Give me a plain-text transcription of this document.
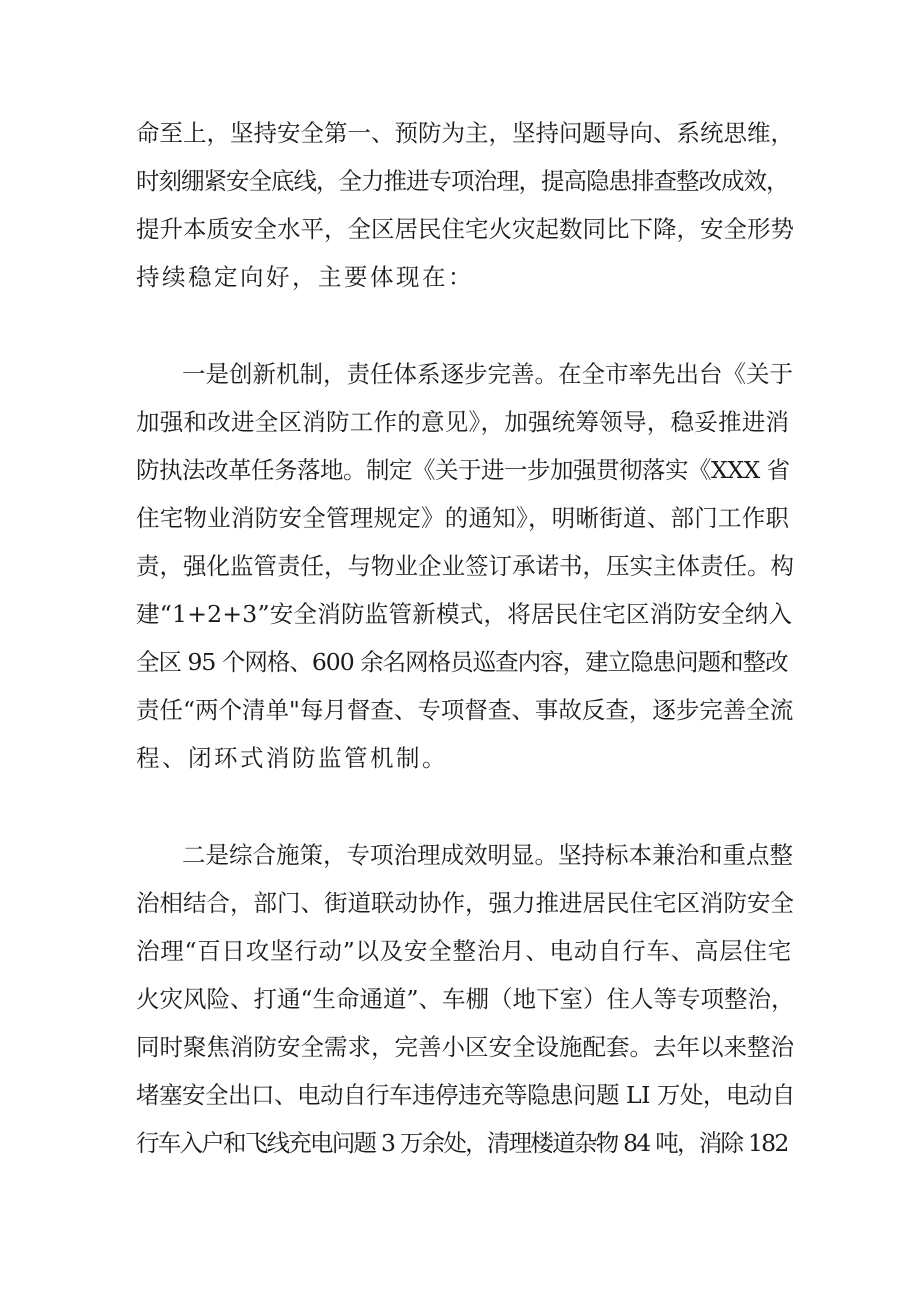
命至上，坚持安全第一、预防为主，坚持问题导向、系统思维，

时刻绷紧安全底线，全力推进专项治理，提高隐患排查整改成效，

提升本质安全水平，全区居民住宅火灾起数同比下降，安全形势

持续稳定向好，主要体现在：

一是创新机制，责任体系逐步完善。在全市率先出台《关于

加强和改进全区消防工作的意见》，加强统筹领导，稳妥推进消

防执法改革任务落地。制定《关于进一步加强贯彻落实《XXX 省

住宅物业消防安全管理规定》的通知》，明晰街道、部门工作职

责，强化监管责任，与物业企业签订承诺书，压实主体责任。构

建“1+2+3”安全消防监管新模式，将居民住宅区消防安全纳入

全区 95 个网格、600 余名网格员巡查内容，建立隐患问题和整改

责任“两个清单"每月督查、专项督查、事故反查，逐步完善全流

程、闭环式消防监管机制。

二是综合施策，专项治理成效明显。坚持标本兼治和重点整

治相结合，部门、街道联动协作，强力推进居民住宅区消防安全

治理“百日攻坚行动”以及安全整治月、电动自行车、高层住宅

火灾风险、打通“生命通道”、车棚（地下室）住人等专项整治，

同时聚焦消防安全需求，完善小区安全设施配套。去年以来整治

堵塞安全出口、电动自行车违停违充等隐患问题 LI 万处，电动自

行车入户和飞线充电问题 3 万余处，清理楼道杂物 84 吨，消除 182
